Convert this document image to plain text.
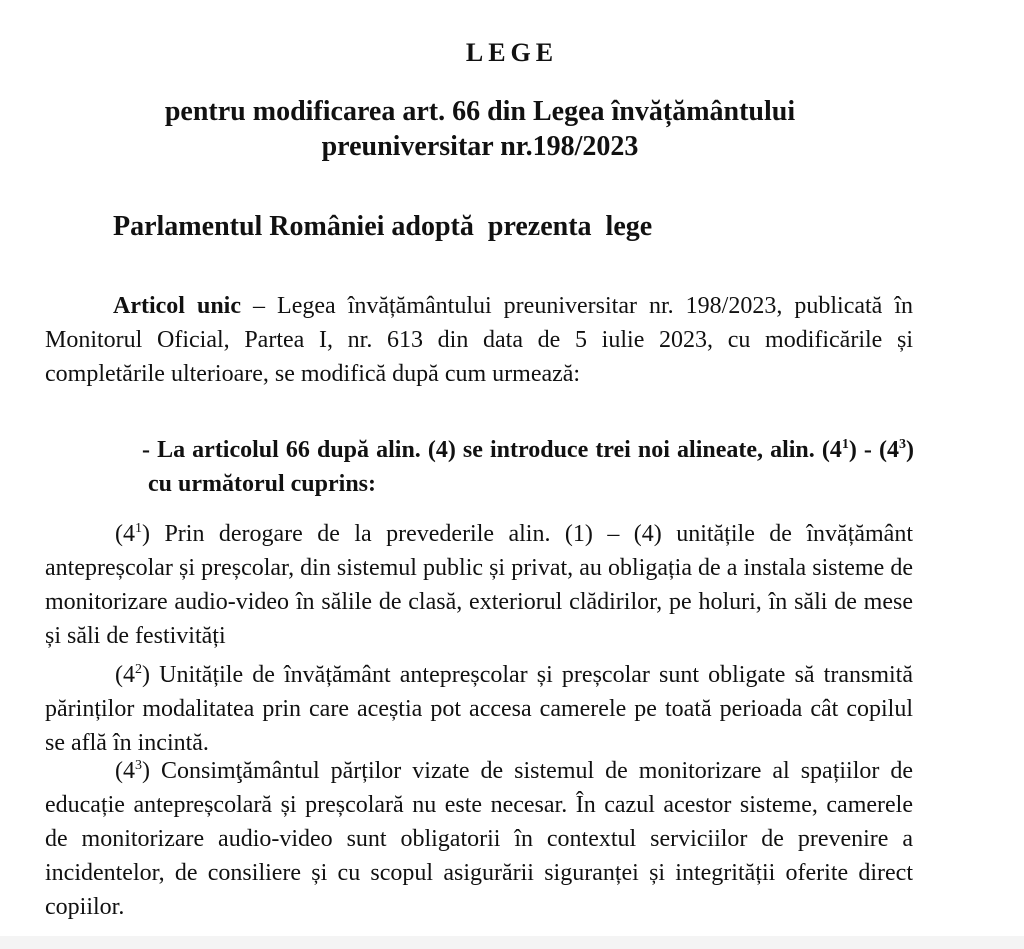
LEGE
pentru modificarea art. 66 din Legea învățământului
preuniversitar nr.198/2023
Parlamentul României adoptă  prezenta  lege
Articol unic – Legea învățământului preuniversitar nr. 198/2023, publicată în Monitorul Oficial, Partea I, nr. 613 din data de 5 iulie 2023, cu modificările și completările ulterioare, se modifică după cum urmează:
- La articolul 66 după alin. (4) se introduce trei noi alineate, alin. $(4^1) - (4^3)$ cu următorul cuprins:
$(4^1)$ Prin derogare de la prevederile alin. (1) – (4) unitățile de învățământ antepreșcolar și preșcolar, din sistemul public și privat, au obligația de a instala sisteme de monitorizare audio-video în sălile de clasă, exteriorul clădirilor, pe holuri, în săli de mese și săli de festivități
$(4^2)$ Unitățile de învățământ antepreșcolar și preșcolar sunt obligate să transmită părinților modalitatea prin care aceștia pot accesa camerele pe toată perioada cât copilul se află în incintă.
$(4^3)$ Consimţământul părților vizate de sistemul de monitorizare al spațiilor de educație antepreșcolară și preșcolară nu este necesar. În cazul acestor sisteme, camerele de monitorizare audio-video sunt obligatorii în contextul serviciilor de prevenire a incidentelor, de consiliere și cu scopul asigurării siguranței și integrității oferite direct copiilor.
